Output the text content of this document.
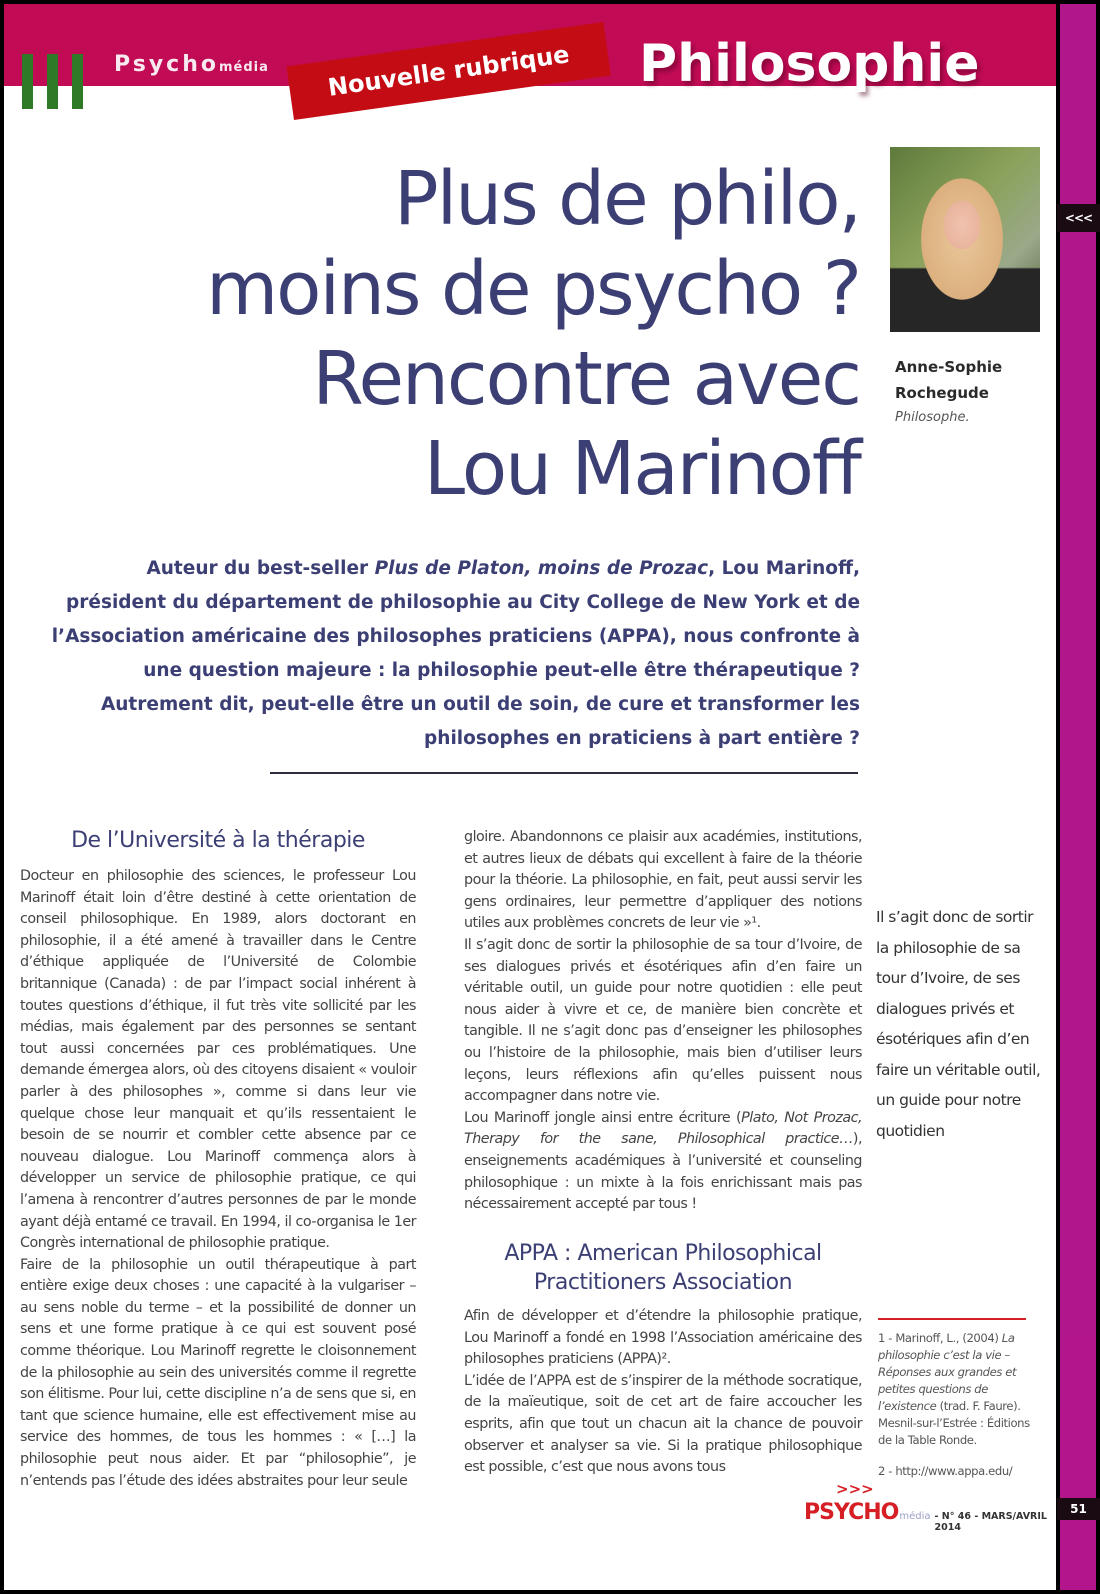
Psychomédia	Philosophie
Nouvelle rubrique
Plus de philo,
moins de psycho ?
Rencontre avec
Lou Marinoff
Anne-Sophie
Rochegude
Philosophe.
Auteur du best-seller Plus de Platon, moins de Prozac, Lou Marinoff, président du département de philosophie au City College de New York et de l’Association américaine des philosophes praticiens (APPA), nous confronte à une question majeure : la philosophie peut-elle être thérapeutique ? Autrement dit, peut-elle être un outil de soin, de cure et transformer les philosophes en praticiens à part entière ?
De l’Université à la thérapie

Docteur en philosophie des sciences, le professeur Lou Marinoff était loin d’être destiné à cette orientation de conseil philosophique. En 1989, alors doctorant en philosophie, il a été amené à travailler dans le Centre d’éthique appliquée de l’Université de Colombie britannique (Canada) : de par l’impact social inhérent à toutes questions d’éthique, il fut très vite sollicité par les médias, mais également par des personnes se sentant tout aussi concernées par ces problématiques. Une demande émergea alors, où des citoyens disaient « vouloir parler à des philosophes », comme si dans leur vie quelque chose leur manquait et qu’ils ressentaient le besoin de se nourrir et combler cette absence par ce nouveau dialogue. Lou Marinoff commença alors à développer un service de philosophie pratique, ce qui l’amena à rencontrer d’autres personnes de par le monde ayant déjà entamé ce travail. En 1994, il co-organisa le 1er Congrès international de philosophie pratique.

Faire de la philosophie un outil thérapeutique à part entière exige deux choses : une capacité à la vulgariser – au sens noble du terme – et la possibilité de donner un sens et une forme pratique à ce qui est souvent posé comme théorique. Lou Marinoff regrette le cloisonnement de la philosophie au sein des universités comme il regrette son élitisme. Pour lui, cette discipline n’a de sens que si, en tant que science humaine, elle est effectivement mise au service des hommes, de tous les hommes : « […] la philosophie peut nous aider. Et par “philosophie”, je n’entends pas l’étude des idées abstraites pour leur seule

gloire. Abandonnons ce plaisir aux académies, institutions, et autres lieux de débats qui excellent à faire de la théorie pour la théorie. La philosophie, en fait, peut aussi servir les gens ordinaires, leur permettre d’appliquer des notions utiles aux problèmes concrets de leur vie »¹.

Il s’agit donc de sortir la philosophie de sa tour d’Ivoire, de ses dialogues privés et ésotériques afin d’en faire un véritable outil, un guide pour notre quotidien : elle peut nous aider à vivre et ce, de manière bien concrète et tangible. Il ne s’agit donc pas d’enseigner les philosophes ou l’histoire de la philosophie, mais bien d’utiliser leurs leçons, leurs réflexions afin qu’elles puissent nous accompagner dans notre vie.

Lou Marinoff jongle ainsi entre écriture (Plato, Not Prozac, Therapy for the sane, Philosophical practice…), enseignements académiques à l’université et counseling philosophique : un mixte à la fois enrichissant mais pas nécessairement accepté par tous !

APPA : American Philosophical
Practitioners Association

Afin de développer et d’étendre la philosophie pratique, Lou Marinoff a fondé en 1998 l’Association américaine des philosophes praticiens (APPA)².

L’idée de l’APPA est de s’inspirer de la méthode socratique, de la maïeutique, soit de cet art de faire accoucher les esprits, afin que tout un chacun ait la chance de pouvoir observer et analyser sa vie. Si la pratique philosophique est possible, c’est que nous avons tous

Il s’agit donc de sortir la philosophie de sa tour d’Ivoire, de ses dialogues privés et ésotériques afin d’en faire un véritable outil, un guide pour notre quotidien
1 - Marinoff, L., (2004) La philosophie c’est la vie – Réponses aux grandes et petites questions de l’existence (trad. F. Faure). Mesnil-sur-l’Estrée : Éditions de la Table Ronde.
2 - http://www.appa.edu/
>>>
PSYCHO média - N° 46 - MARS/AVRIL 2014
<<<
51
